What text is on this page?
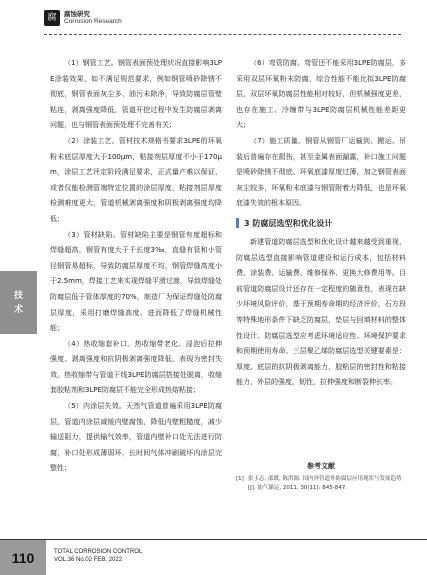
腐	腐蚀研究
Corrosion Research
技
术

（1）钢管工艺。钢管表面预处理状况直接影响3LPE涂装效果，如不满足规范要求，例如钢管喷砂除锈不彻底，钢管表面灰尘多、油污未除净，导致防腐层管壁粘连，剥离强度降低，管道开挖过程中发生防腐层剥离问题，也与钢管表面预处理不完善有关；

（2）涂装工艺。管材技术规格书要求3LPE的环氧粉末底层厚度大于100μm，粘接剂层厚度不小于170μm，涂层工艺评定阶段满足要求，正式量产难以保证，或者仅能检测管端特定位置的涂层厚度，粘接剂层厚度检测难度更大，管道机械剥离强度和阴极剥离强度均降低；

（3）管材缺陷。管材缺陷主要是钢管有度超标和焊缝超高，钢管有度大于千长度3‰，直缝有管和小管径钢管易超标，导致防腐层厚度不均，钢管焊缝高度小于2.5mm，焊接工艺来实现焊缝平滑过渡，导致焊缝处防腐层低于管体厚度的70%，制造厂为保证焊缝处防腐层厚度，采用打磨焊缝高度，进而降低了焊缝机械性能；

（4）热收缩套补口。热收缩带老化、浸泡后拉伸强度、剥离强度和抗阴极剥离强度降低，表现为密封失效。热收缩带与管道干线3LPE防腐层搭接处脱离，收缩套胶粘剂和3LPE防腐层不能完全形成热熔粘接；

（5）内涂层失效。天然气管道普遍采用3LPE防腐层，管道内涂层减缓内壁腐蚀，降低内壁粗糙度，减少输送阻力，提供输气效率，管道内壁补口处无法进行防腐，补口处形成薄弱环，长时间气体冲刷破坏内涂层完整性；

（6）弯管防腐。弯管还不能采用3LPE防腐层，多采用双层环氧粉末防腐，综合性能不能比拟3LPE防腐层，双层环氧防腐层性能相对较好，但机械强度更差，也存在施工、冷缠带与3LPE防腐层机械性能差距更大；

（7）施工质量。钢管从钢管厂运输到、搬运、吊装后普遍存在损伤，甚至金属表面漏露，补口施工问题是喷砂除锈不彻底、环氧底漆厚度过薄，加之钢管表面灰尘较多，环氧粉末底漆与钢管附着力降低，也是环氧底漆失效的根本原因。

3 防腐层选型和优化设计

新建管道防腐层选型和优化设计越来越受到重视，防腐层选型直接影响管道建设和运行成本，包括材料费、涂装费、运输费、维修保养、更换大修费用等。目前管道防腐层设计还存在一定程度的随意性，表现在缺少环境风险评价，基于预期寿命期的经济评价，石方段等特殊地形条件下缺乏防腐层，垫层与回填材料的整体性设计。防腐层选型应考虑环境适应性、环境保护要求和预期使用寿命。三层聚乙烯防腐层选型关键要素是：厚度、底层的抗阴极剥离能力，胶粘层的密封性和粘接能力，外层的强度，韧性，拉伸强度和断裂伸长率。

参考文献
[1] 张玉志, 邵媛, 陈洪源. 国内外管道外防腐层应用现状与发展趋势[J]. 油气储运, 2011, 30(11): 845-847.
110	TOTAL CORROSION CONTROL
VOL.36 No.02 FEB. 2022
